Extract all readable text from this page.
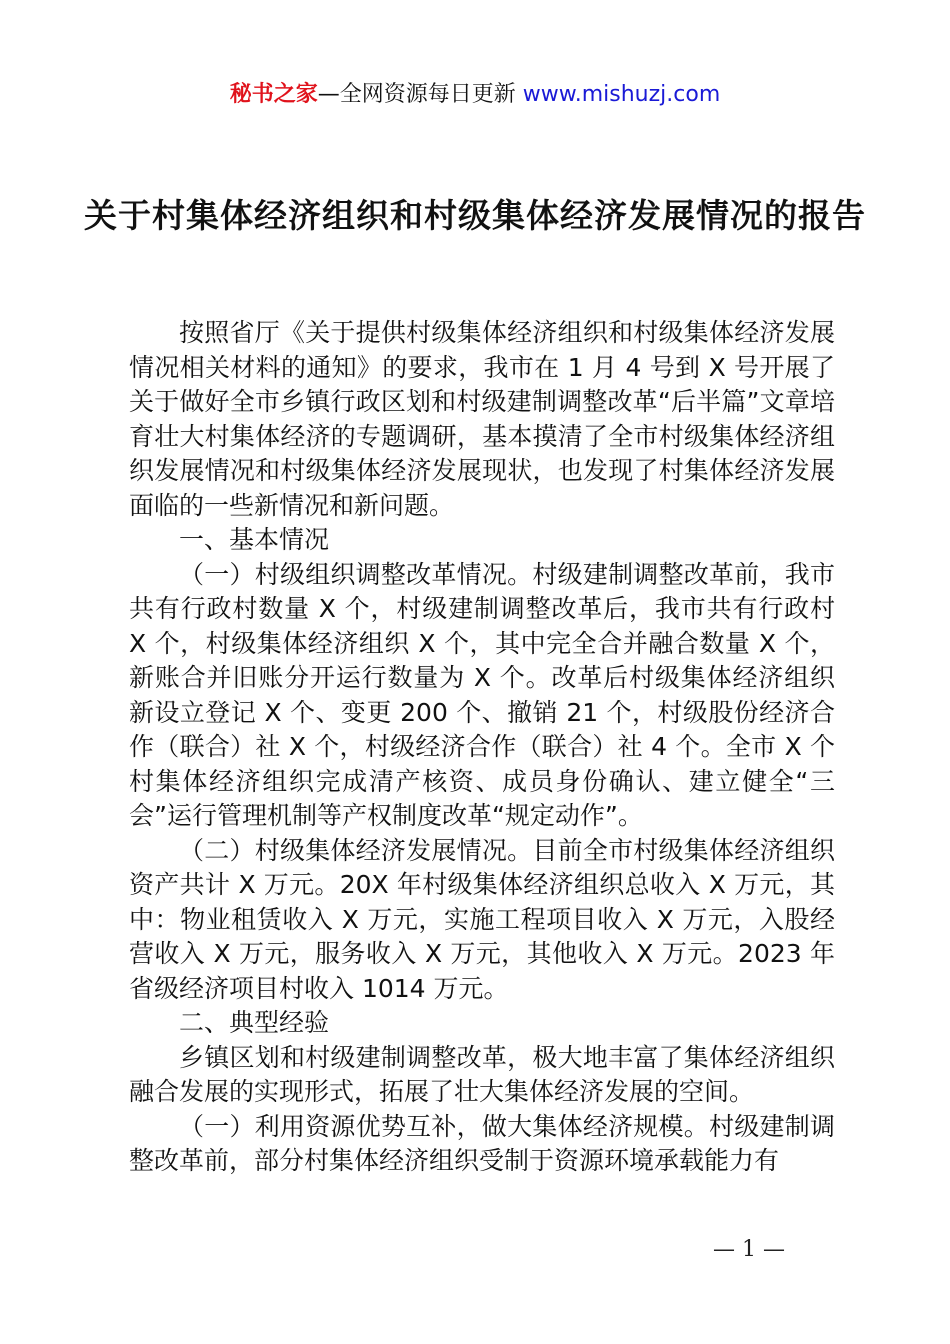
秘书之家—全网资源每日更新 www.mishuzj.com
关于村集体经济组织和村级集体经济发展情况的报告

按照省厅《关于提供村级集体经济组织和村级集体经济发展情况相关材料的通知》的要求，我市在 1 月 4 号到 X 号开展了关于做好全市乡镇行政区划和村级建制调整改革“后半篇”文章培育壮大村集体经济的专题调研，基本摸清了全市村级集体经济组织发展情况和村级集体经济发展现状，也发现了村集体经济发展面临的一些新情况和新问题。

一、基本情况

（一）村级组织调整改革情况。村级建制调整改革前，我市共有行政村数量 X 个，村级建制调整改革后，我市共有行政村 X 个，村级集体经济组织 X 个，其中完全合并融合数量 X 个，新账合并旧账分开运行数量为 X 个。改革后村级集体经济组织新设立登记 X 个、变更 200 个、撤销 21 个，村级股份经济合作（联合）社 X 个，村级经济合作（联合）社 4 个。全市 X 个村集体经济组织完成清产核资、成员身份确认、建立健全“三会”运行管理机制等产权制度改革“规定动作”。

（二）村级集体经济发展情况。目前全市村级集体经济组织资产共计 X 万元。20X 年村级集体经济组织总收入 X 万元，其中：物业租赁收入 X 万元，实施工程项目收入 X 万元，入股经营收入 X 万元，服务收入 X 万元，其他收入 X 万元。2023 年省级经济项目村收入 1014 万元。

二、典型经验

乡镇区划和村级建制调整改革，极大地丰富了集体经济组织融合发展的实现形式，拓展了壮大集体经济发展的空间。

（一）利用资源优势互补，做大集体经济规模。村级建制调整改革前，部分村集体经济组织受制于资源环境承载能力有

— 1 —
